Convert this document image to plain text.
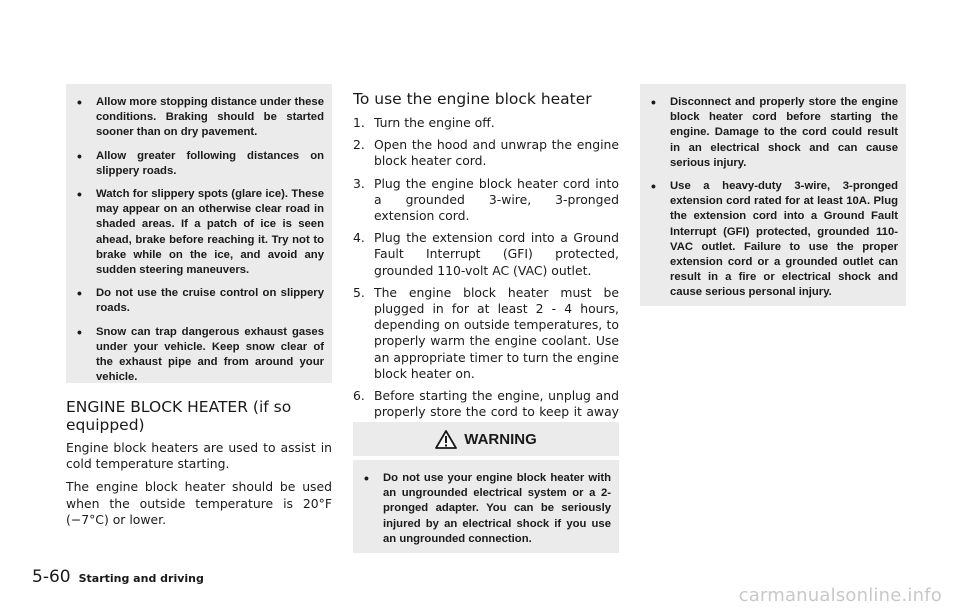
• Allow more stopping distance under these conditions. Braking should be started sooner than on dry pavement.
• Allow greater following distances on slippery roads.
• Watch for slippery spots (glare ice). These may appear on an otherwise clear road in shaded areas. If a patch of ice is seen ahead, brake before reaching it. Try not to brake while on the ice, and avoid any sudden steering maneuvers.
• Do not use the cruise control on slippery roads.
• Snow can trap dangerous exhaust gases under your vehicle. Keep snow clear of the exhaust pipe and from around your vehicle.
ENGINE BLOCK HEATER (if so equipped)

Engine block heaters are used to assist in cold temperature starting.

The engine block heater should be used when the outside temperature is 20°F (−7°C) or lower.

To use the engine block heater
1. Turn the engine off.
2. Open the hood and unwrap the engine block heater cord.
3. Plug the engine block heater cord into a grounded 3-wire, 3-pronged extension cord.
4. Plug the extension cord into a Ground Fault Interrupt (GFI) protected, grounded 110-volt AC (VAC) outlet.
5. The engine block heater must be plugged in for at least 2 - 4 hours, depending on outside temperatures, to properly warm the engine coolant. Use an appropriate timer to turn the engine block heater on.
6. Before starting the engine, unplug and properly store the cord to keep it away
WARNING
• Do not use your engine block heater with an ungrounded electrical system or a 2-pronged adapter. You can be seriously injured by an electrical shock if you use an ungrounded connection.
• Disconnect and properly store the engine block heater cord before starting the engine. Damage to the cord could result in an electrical shock and can cause serious injury.
• Use a heavy-duty 3-wire, 3-pronged extension cord rated for at least 10A. Plug the extension cord into a Ground Fault Interrupt (GFI) protected, grounded 110-VAC outlet. Failure to use the proper extension cord or a grounded outlet can result in a fire or electrical shock and cause serious personal injury.
5-60 Starting and driving
carmanualsonline.info
